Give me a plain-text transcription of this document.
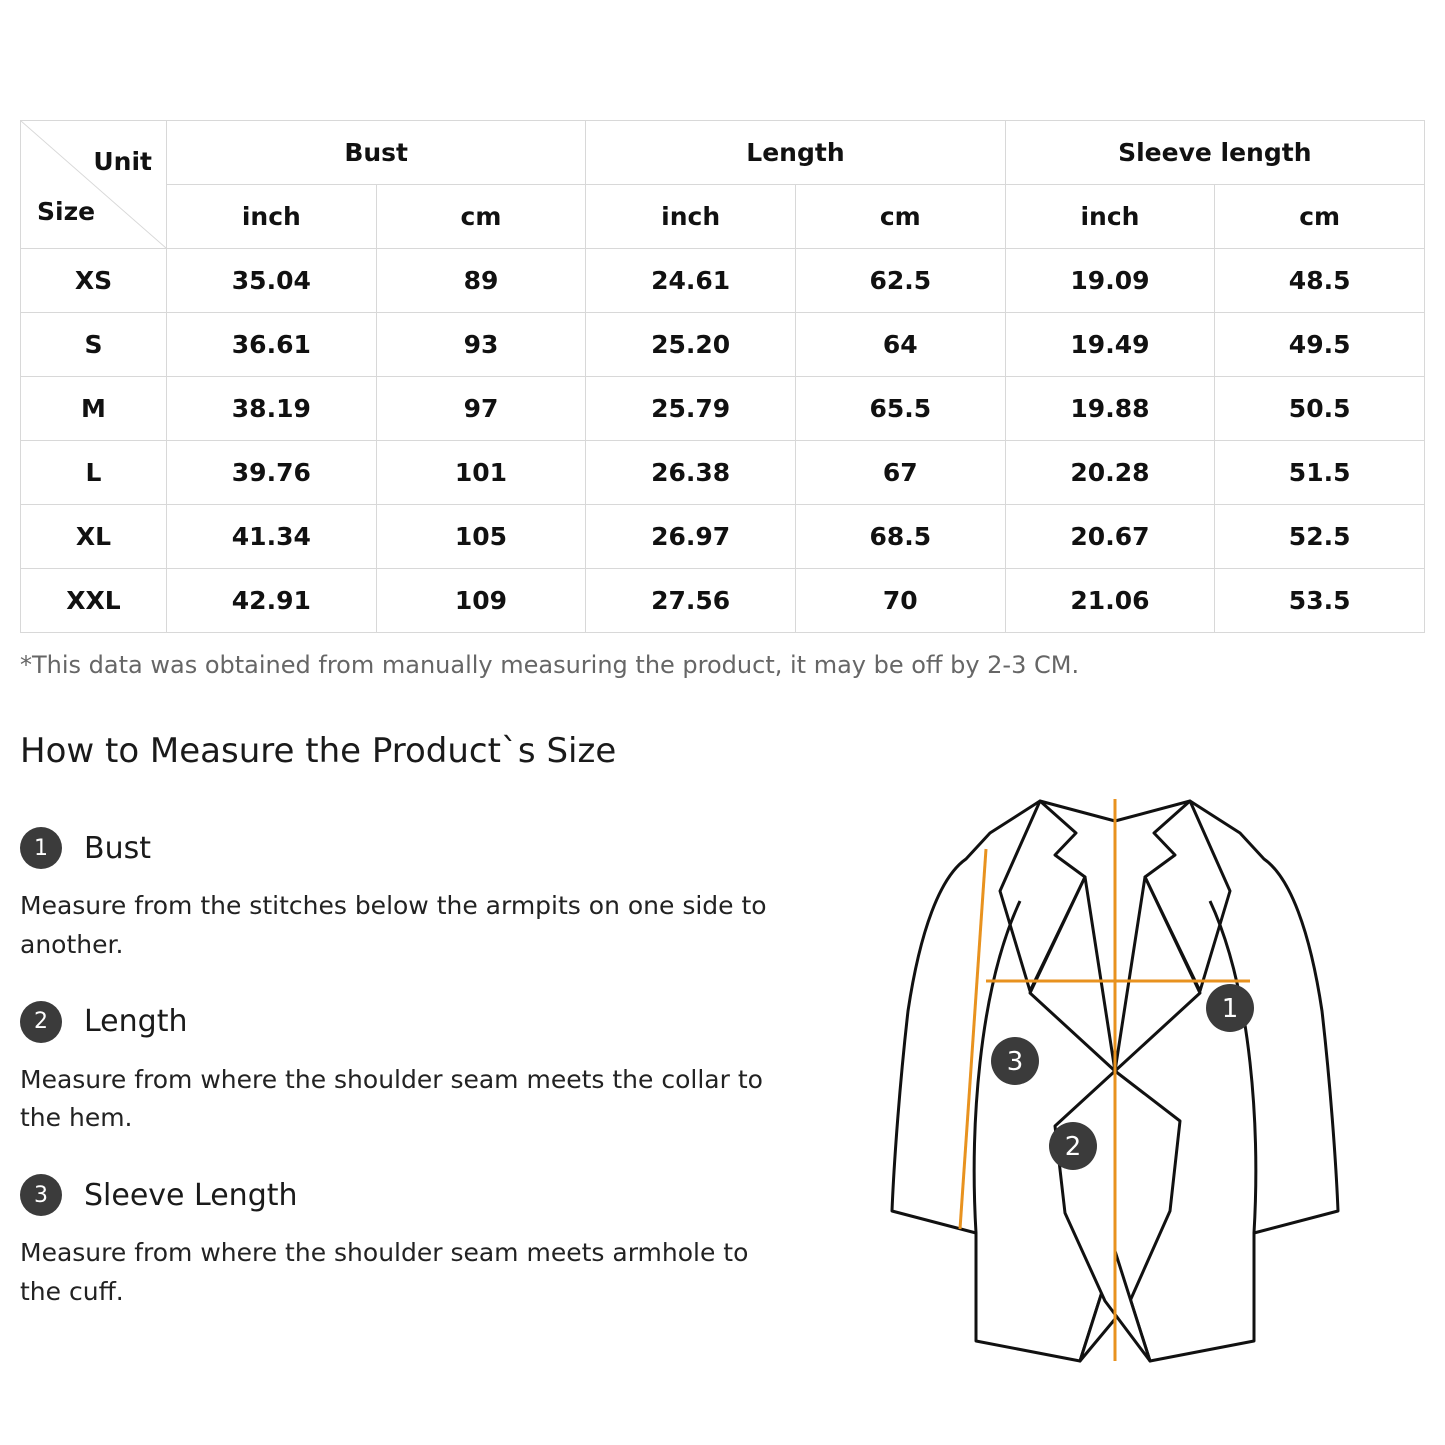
Unit
Size	Bust		Length		Sleeve length	
	inch	cm	inch	cm	inch	cm
XS	35.04	89	24.61	62.5	19.09	48.5
S	36.61	93	25.20	64	19.49	49.5
M	38.19	97	25.79	65.5	19.88	50.5
L	39.76	101	26.38	67	20.28	51.5
XL	41.34	105	26.97	68.5	20.67	52.5
XXL	42.91	109	27.56	70	21.06	53.5
*This data was obtained from manually measuring the product, it may be off by 2-3 CM.
How to Measure the Product`s Size
1	Bust
Measure from the stitches below the armpits on one side to another.
2	Length
Measure from where the shoulder seam meets the collar to the hem.
3	Sleeve Length
Measure from where the shoulder seam meets armhole to the cuff.
1
2
3
